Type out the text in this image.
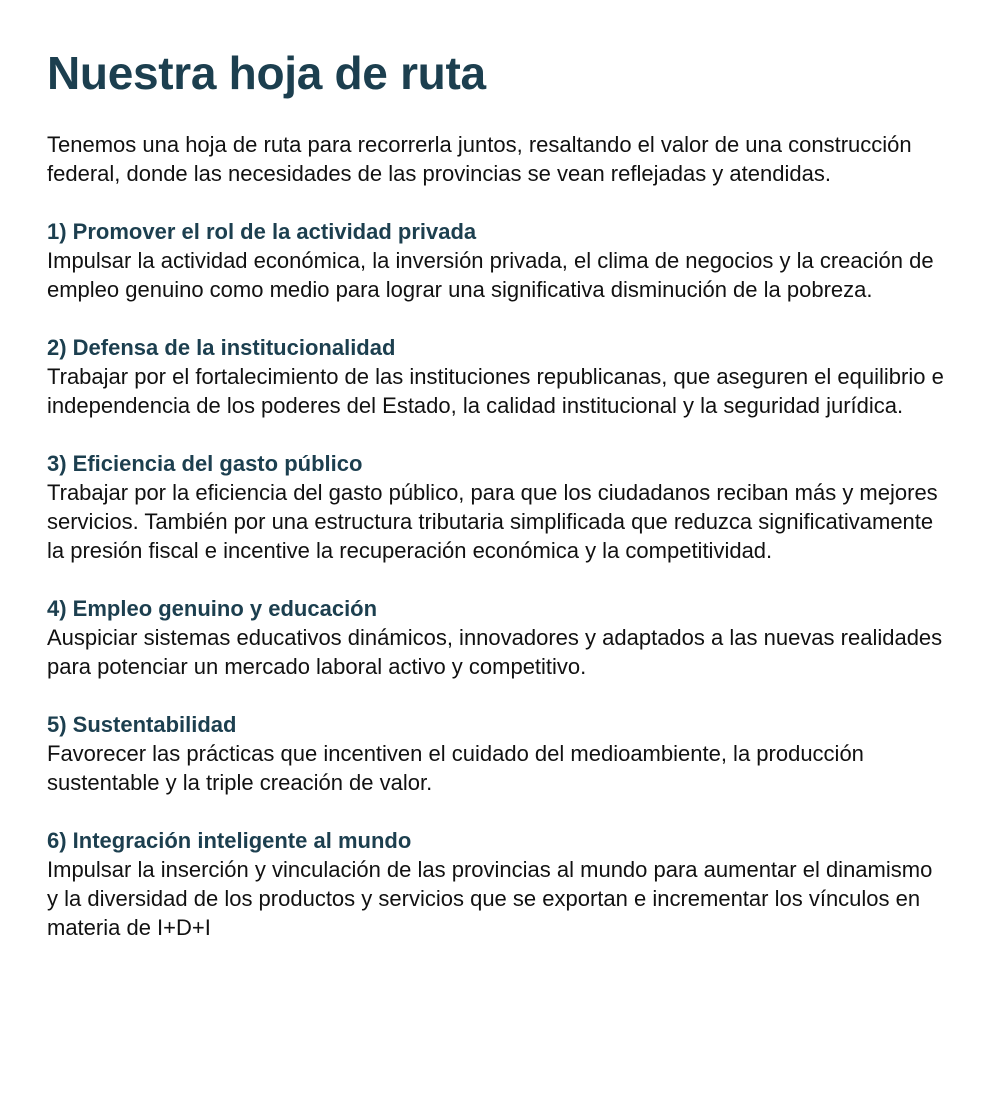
Nuestra hoja de ruta

Tenemos una hoja de ruta para recorrerla juntos, resaltando el valor de una construcción federal, donde las necesidades de las provincias se vean reflejadas y atendidas.

1) Promover el rol de la actividad privada

Impulsar la actividad económica, la inversión privada, el clima de negocios y la creación de empleo genuino como medio para lograr una significativa disminución de la pobreza.

2) Defensa de la institucionalidad

Trabajar por el fortalecimiento de las instituciones republicanas, que aseguren el equilibrio e independencia de los poderes del Estado, la calidad institucional y la seguridad jurídica.

3) Eficiencia del gasto público

Trabajar por la eficiencia del gasto público, para que los ciudadanos reciban más y mejores servicios. También por una estructura tributaria simplificada que reduzca significativamente la presión fiscal e incentive la recuperación económica y la competitividad.

4) Empleo genuino y educación

Auspiciar sistemas educativos dinámicos, innovadores y adaptados a las nuevas realidades para potenciar un mercado laboral activo y competitivo.

5) Sustentabilidad

Favorecer las prácticas que incentiven el cuidado del medioambiente, la producción sustentable y la triple creación de valor.

6) Integración inteligente al mundo

Impulsar la inserción y vinculación de las provincias al mundo para aumentar el dinamismo y la diversidad de los productos y servicios que se exportan e incrementar los vínculos en materia de I+D+I
